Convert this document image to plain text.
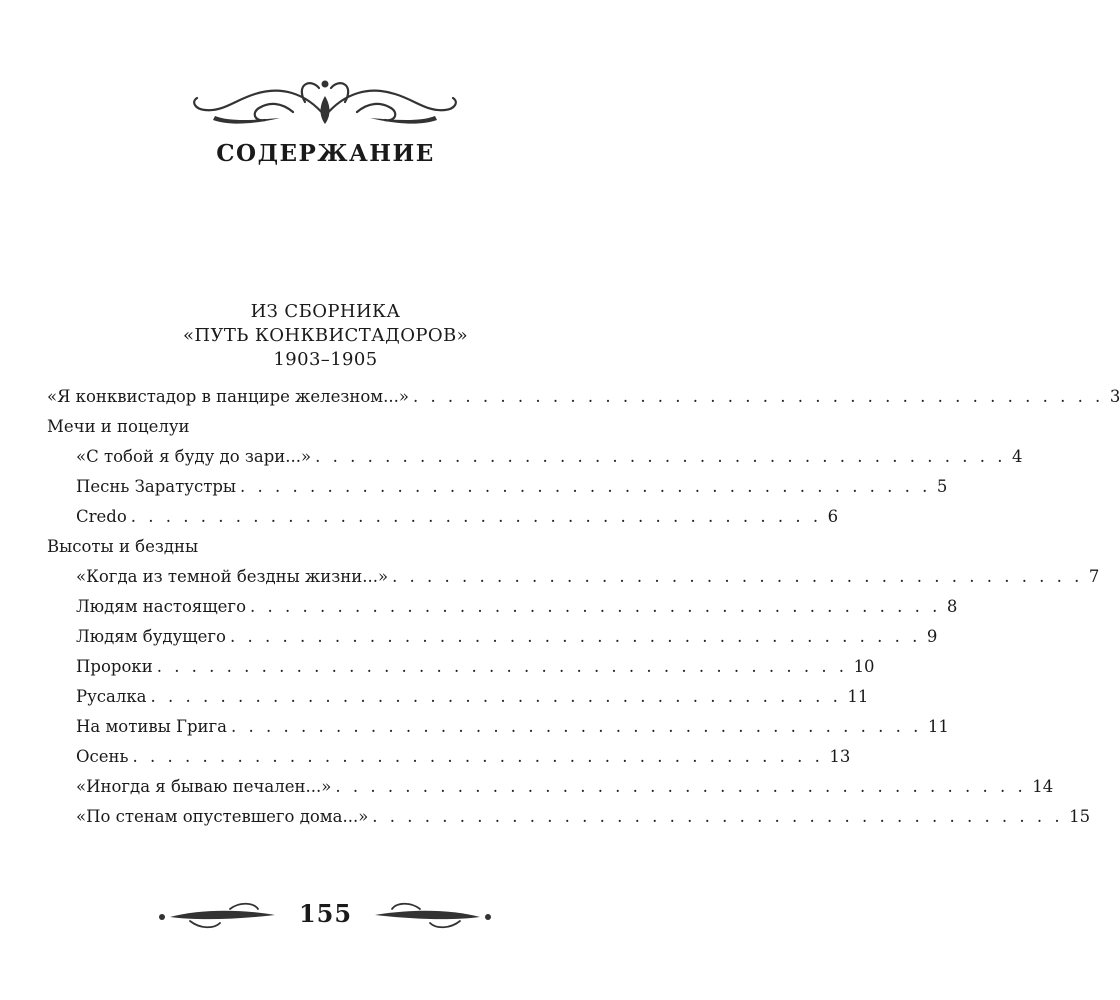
СОДЕРЖАНИЕ
ИЗ СБОРНИКА
«ПУТЬ КОНКВИСТАДОРОВ»
1903–1905
«Я конквистадор в панцире железном...» . . . . . . . . . . . . . . . . . . . . . . . . . . . . . . . . . . . . . . . . 3
Мечи и поцелуи
«С тобой я буду до зари...» . . . . . . . . . . . . . . . . . . . . . . . . . . . . . . . . . . . . . . . . 4
Песнь Заратустры . . . . . . . . . . . . . . . . . . . . . . . . . . . . . . . . . . . . . . . . 5
Credo . . . . . . . . . . . . . . . . . . . . . . . . . . . . . . . . . . . . . . . . 6
Высоты и бездны
«Когда из темной бездны жизни...» . . . . . . . . . . . . . . . . . . . . . . . . . . . . . . . . . . . . . . . . 7
Людям настоящего . . . . . . . . . . . . . . . . . . . . . . . . . . . . . . . . . . . . . . . . 8
Людям будущего . . . . . . . . . . . . . . . . . . . . . . . . . . . . . . . . . . . . . . . . 9
Пророки . . . . . . . . . . . . . . . . . . . . . . . . . . . . . . . . . . . . . . . . 10
Русалка . . . . . . . . . . . . . . . . . . . . . . . . . . . . . . . . . . . . . . . . 11
На мотивы Грига . . . . . . . . . . . . . . . . . . . . . . . . . . . . . . . . . . . . . . . . 11
Осень . . . . . . . . . . . . . . . . . . . . . . . . . . . . . . . . . . . . . . . . 13
«Иногда я бываю печален...» . . . . . . . . . . . . . . . . . . . . . . . . . . . . . . . . . . . . . . . . 14
«По стенам опустевшего дома...» . . . . . . . . . . . . . . . . . . . . . . . . . . . . . . . . . . . . . . . . 15
155
